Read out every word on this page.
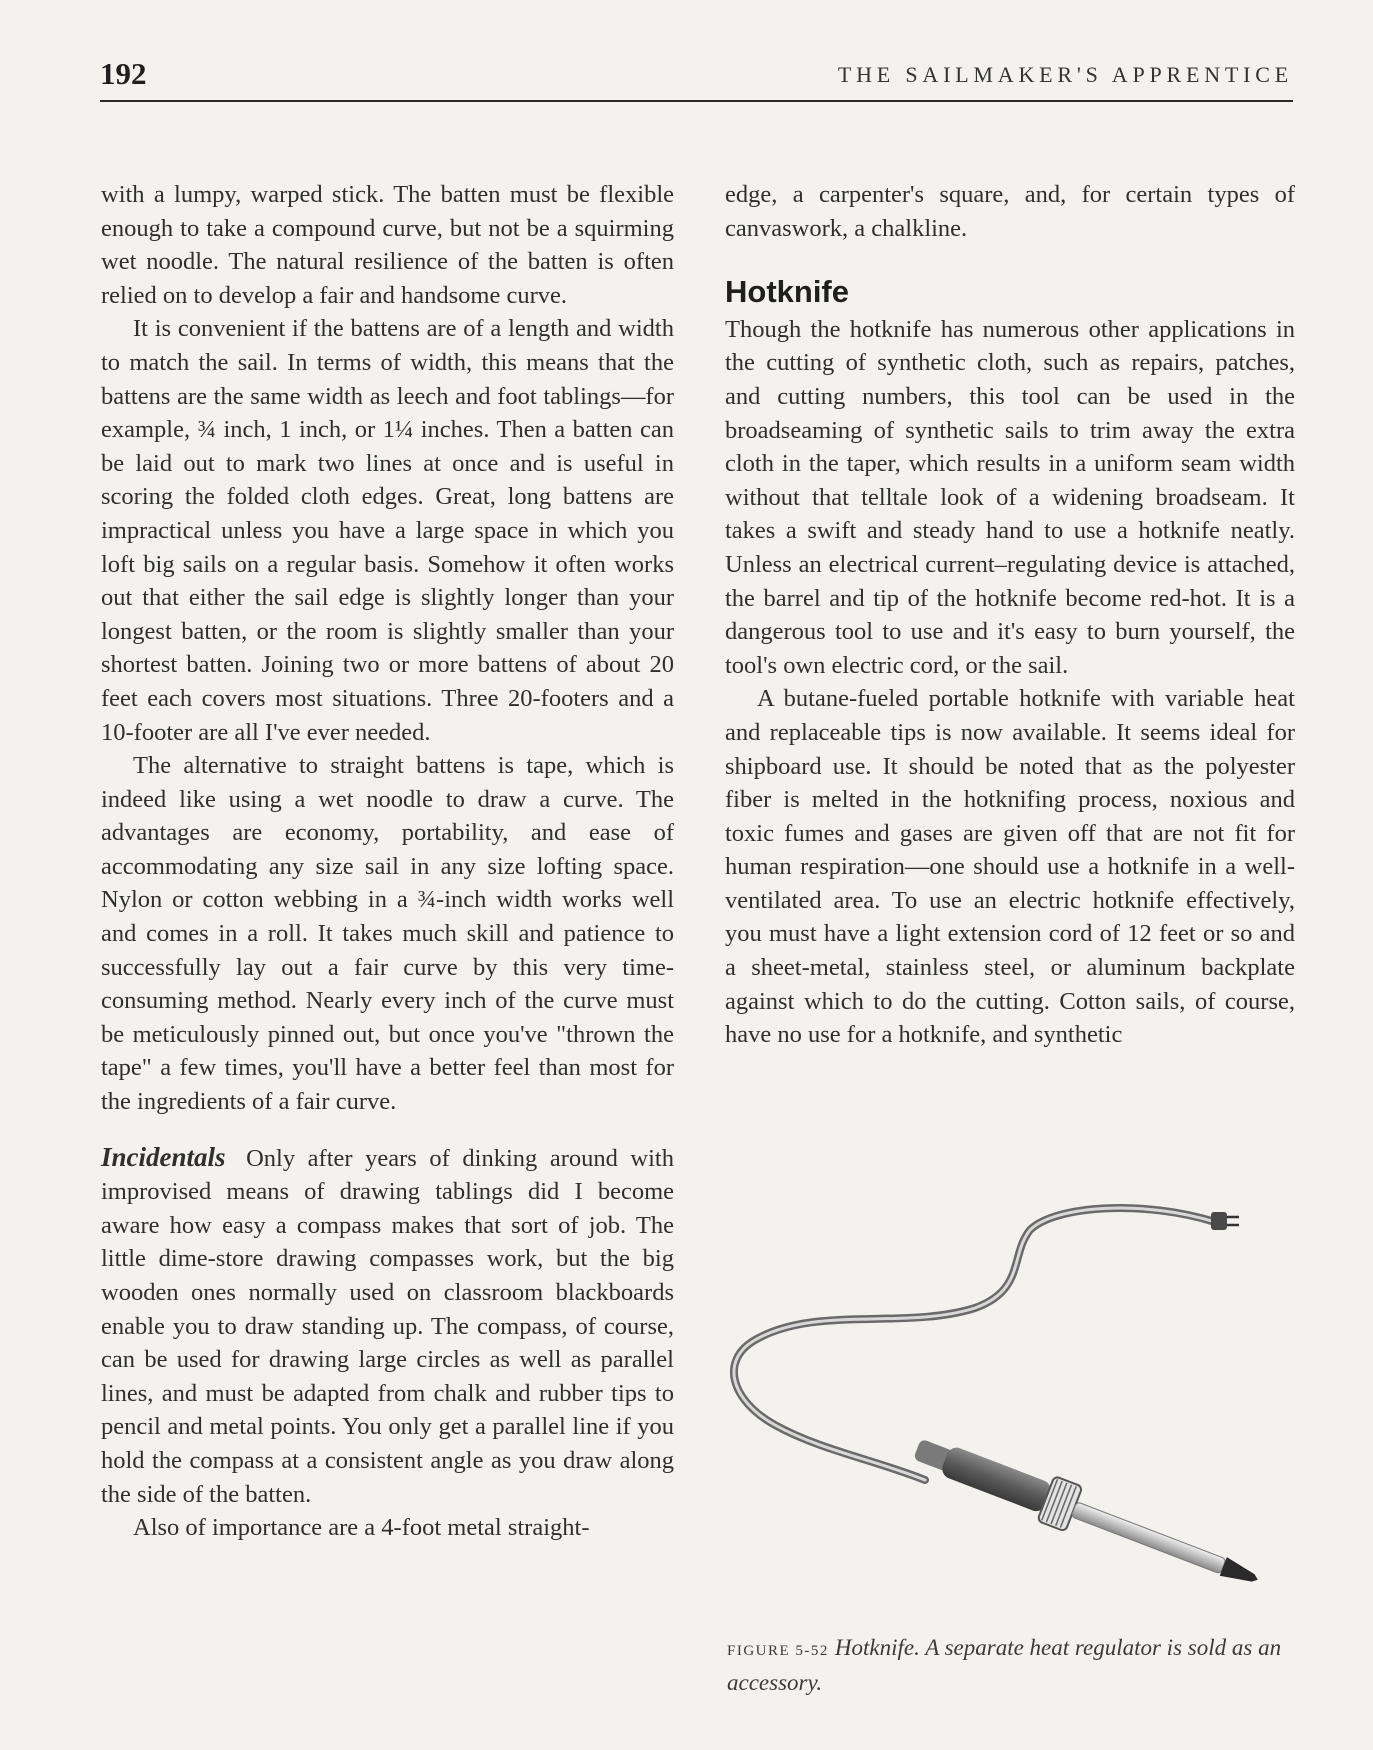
192	THE SAILMAKER'S APPRENTICE

with a lumpy, warped stick. The batten must be flexible enough to take a compound curve, but not be a squirming wet noodle. The natural resilience of the batten is often relied on to develop a fair and handsome curve.

It is convenient if the battens are of a length and width to match the sail. In terms of width, this means that the battens are the same width as leech and foot tablings—for example, ¾ inch, 1 inch, or 1¼ inches. Then a batten can be laid out to mark two lines at once and is useful in scoring the folded cloth edges. Great, long battens are impractical unless you have a large space in which you loft big sails on a regular basis. Somehow it often works out that either the sail edge is slightly longer than your longest batten, or the room is slightly smaller than your shortest batten. Joining two or more battens of about 20 feet each covers most situations. Three 20-footers and a 10-footer are all I've ever needed.

The alternative to straight battens is tape, which is indeed like using a wet noodle to draw a curve. The advantages are economy, portability, and ease of accommodating any size sail in any size lofting space. Nylon or cotton webbing in a ¾-inch width works well and comes in a roll. It takes much skill and patience to successfully lay out a fair curve by this very time-consuming method. Nearly every inch of the curve must be meticulously pinned out, but once you've "thrown the tape" a few times, you'll have a better feel than most for the ingredients of a fair curve.

Incidentals Only after years of dinking around with improvised means of drawing tablings did I become aware how easy a compass makes that sort of job. The little dime-store drawing compasses work, but the big wooden ones normally used on classroom blackboards enable you to draw standing up. The compass, of course, can be used for drawing large circles as well as parallel lines, and must be adapted from chalk and rubber tips to pencil and metal points. You only get a parallel line if you hold the compass at a consistent angle as you draw along the side of the batten.

Also of importance are a 4-foot metal straight-

edge, a carpenter's square, and, for certain types of canvaswork, a chalkline.

Hotknife

Though the hotknife has numerous other applications in the cutting of synthetic cloth, such as repairs, patches, and cutting numbers, this tool can be used in the broadseaming of synthetic sails to trim away the extra cloth in the taper, which results in a uniform seam width without that telltale look of a widening broadseam. It takes a swift and steady hand to use a hotknife neatly. Unless an electrical current–regulating device is attached, the barrel and tip of the hotknife become red-hot. It is a dangerous tool to use and it's easy to burn yourself, the tool's own electric cord, or the sail.

A butane-fueled portable hotknife with variable heat and replaceable tips is now available. It seems ideal for shipboard use. It should be noted that as the polyester fiber is melted in the hotknifing process, noxious and toxic fumes and gases are given off that are not fit for human respiration—one should use a hotknife in a well-ventilated area. To use an electric hotknife effectively, you must have a light extension cord of 12 feet or so and a sheet-metal, stainless steel, or aluminum backplate against which to do the cutting. Cotton sails, of course, have no use for a hotknife, and synthetic

FIGURE 5-52 Hotknife. A separate heat regulator is sold as an accessory.
